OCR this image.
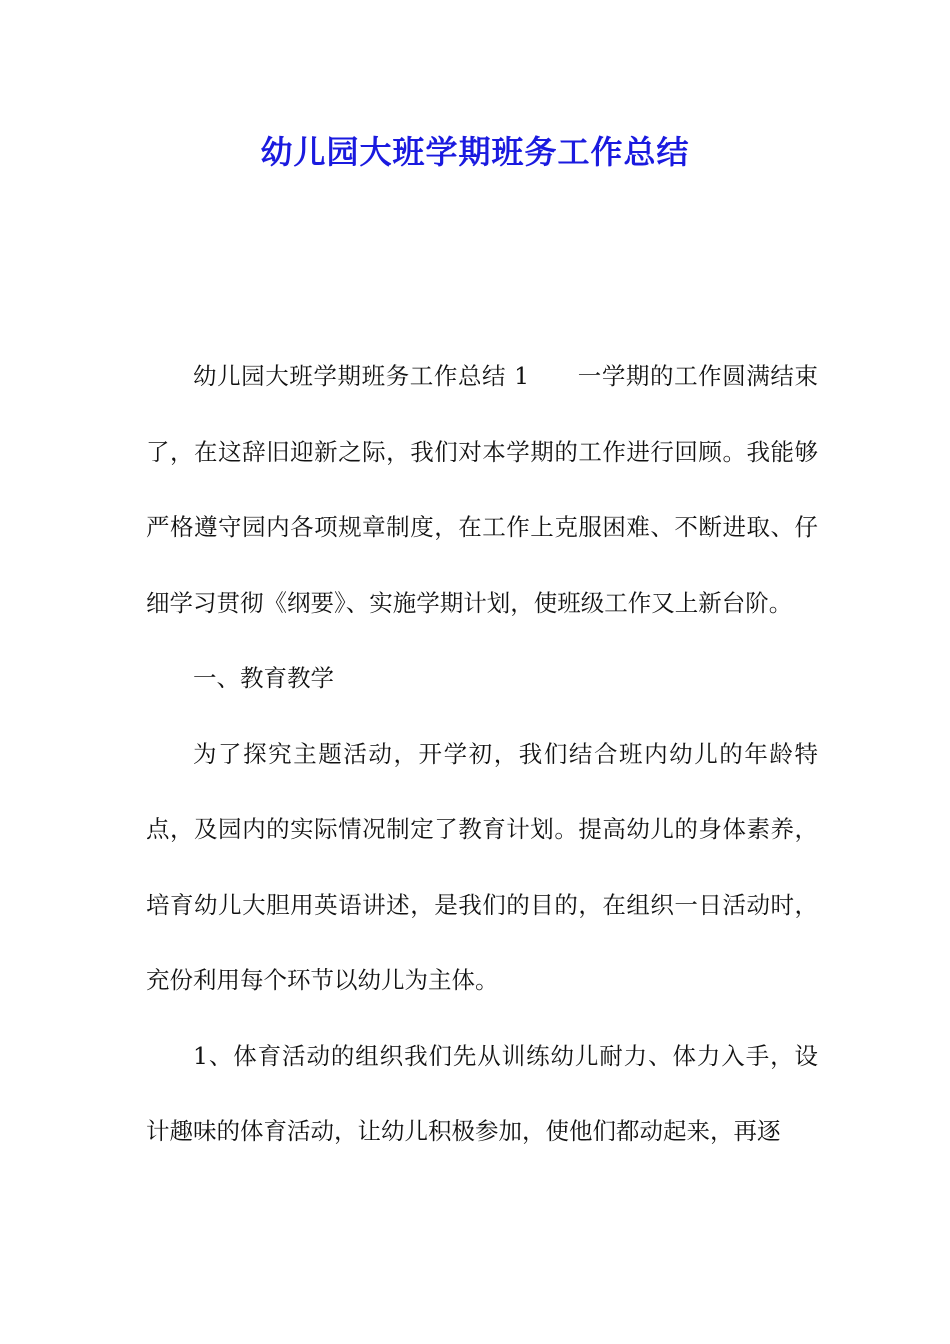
幼儿园大班学期班务工作总结

幼儿园大班学期班务工作总结 1 一学期的工作圆满结束了，在这辞旧迎新之际，我们对本学期的工作进行回顾。我能够严格遵守园内各项规章制度，在工作上克服困难、不断进取、仔细学习贯彻《纲要》、实施学期计划，使班级工作又上新台阶。

一、教育教学

为了探究主题活动，开学初，我们结合班内幼儿的年龄特点，及园内的实际情况制定了教育计划。提高幼儿的身体素养，培育幼儿大胆用英语讲述，是我们的目的，在组织一日活动时，充份利用每个环节以幼儿为主体。

1、体育活动的组织我们先从训练幼儿耐力、体力入手，设计趣味的体育活动，让幼儿积极参加，使他们都动起来，再逐
